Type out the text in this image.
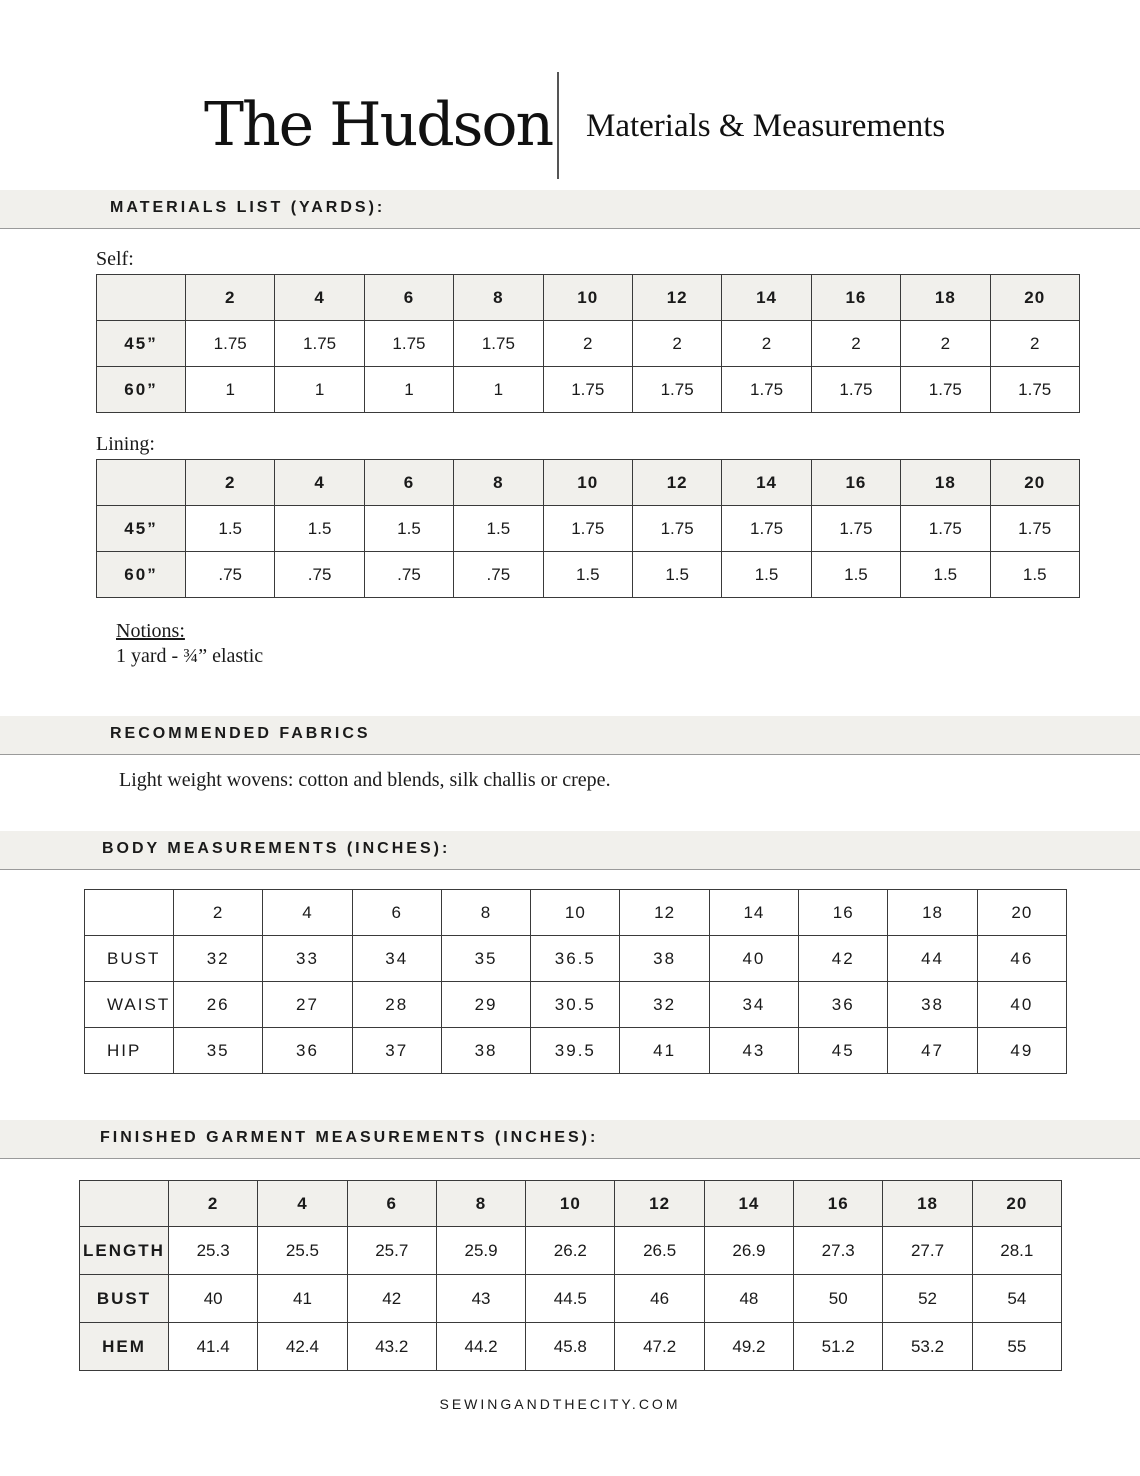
The Hudson Materials & Measurements
MATERIALS LIST (YARDS):
Self:
	2	4	6	8	10	12	14	16	18	20
45”	1.75	1.75	1.75	1.75	2	2	2	2	2	2
60”	1	1	1	1	1.75	1.75	1.75	1.75	1.75	1.75
Lining:
	2	4	6	8	10	12	14	16	18	20
45”	1.5	1.5	1.5	1.5	1.75	1.75	1.75	1.75	1.75	1.75
60”	.75	.75	.75	.75	1.5	1.5	1.5	1.5	1.5	1.5
Notions:
1 yard - ¾” elastic
RECOMMENDED FABRICS
Light weight wovens: cotton and blends, silk challis or crepe.
BODY MEASUREMENTS (INCHES):
	2	4	6	8	10	12	14	16	18	20
BUST	32	33	34	35	36.5	38	40	42	44	46
WAIST	26	27	28	29	30.5	32	34	36	38	40
HIP	35	36	37	38	39.5	41	43	45	47	49
FINISHED GARMENT MEASUREMENTS (INCHES):
	2	4	6	8	10	12	14	16	18	20
LENGTH	25.3	25.5	25.7	25.9	26.2	26.5	26.9	27.3	27.7	28.1
BUST	40	41	42	43	44.5	46	48	50	52	54
HEM	41.4	42.4	43.2	44.2	45.8	47.2	49.2	51.2	53.2	55
SEWINGANDTHECITY.COM
